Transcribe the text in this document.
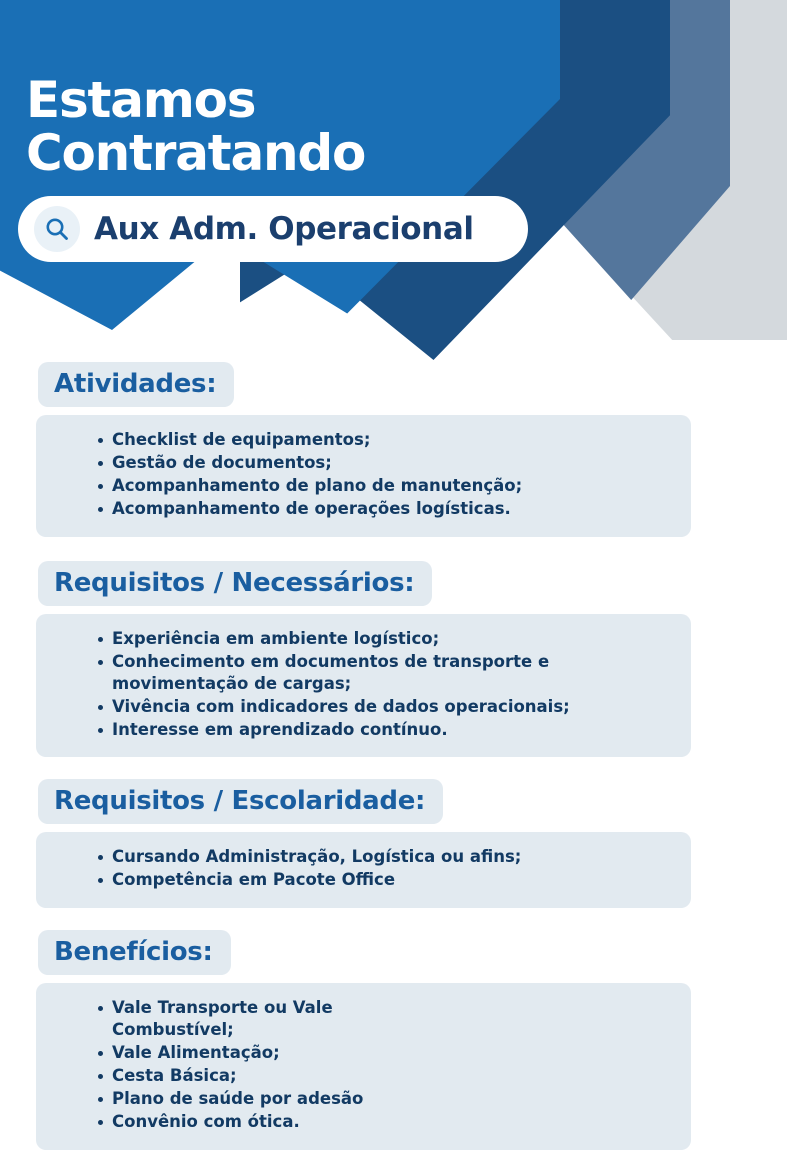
Estamos
Contratando
Aux Adm. Operacional
Atividades:
Checklist de equipamentos;
Gestão de documentos;
Acompanhamento de plano de manutenção;
Acompanhamento de operações logísticas.
Requisitos / Necessários:
Experiência em ambiente logístico;
Conhecimento em documentos de transporte e movimentação de cargas;
Vivência com indicadores de dados operacionais;
Interesse em aprendizado contínuo.
Requisitos / Escolaridade:
Cursando Administração, Logística ou afins;
Competência em Pacote Office
Benefícios:
Vale Transporte ou Vale Combustível;
Vale Alimentação;
Cesta Básica;
Plano de saúde por adesão
Convênio com ótica.
